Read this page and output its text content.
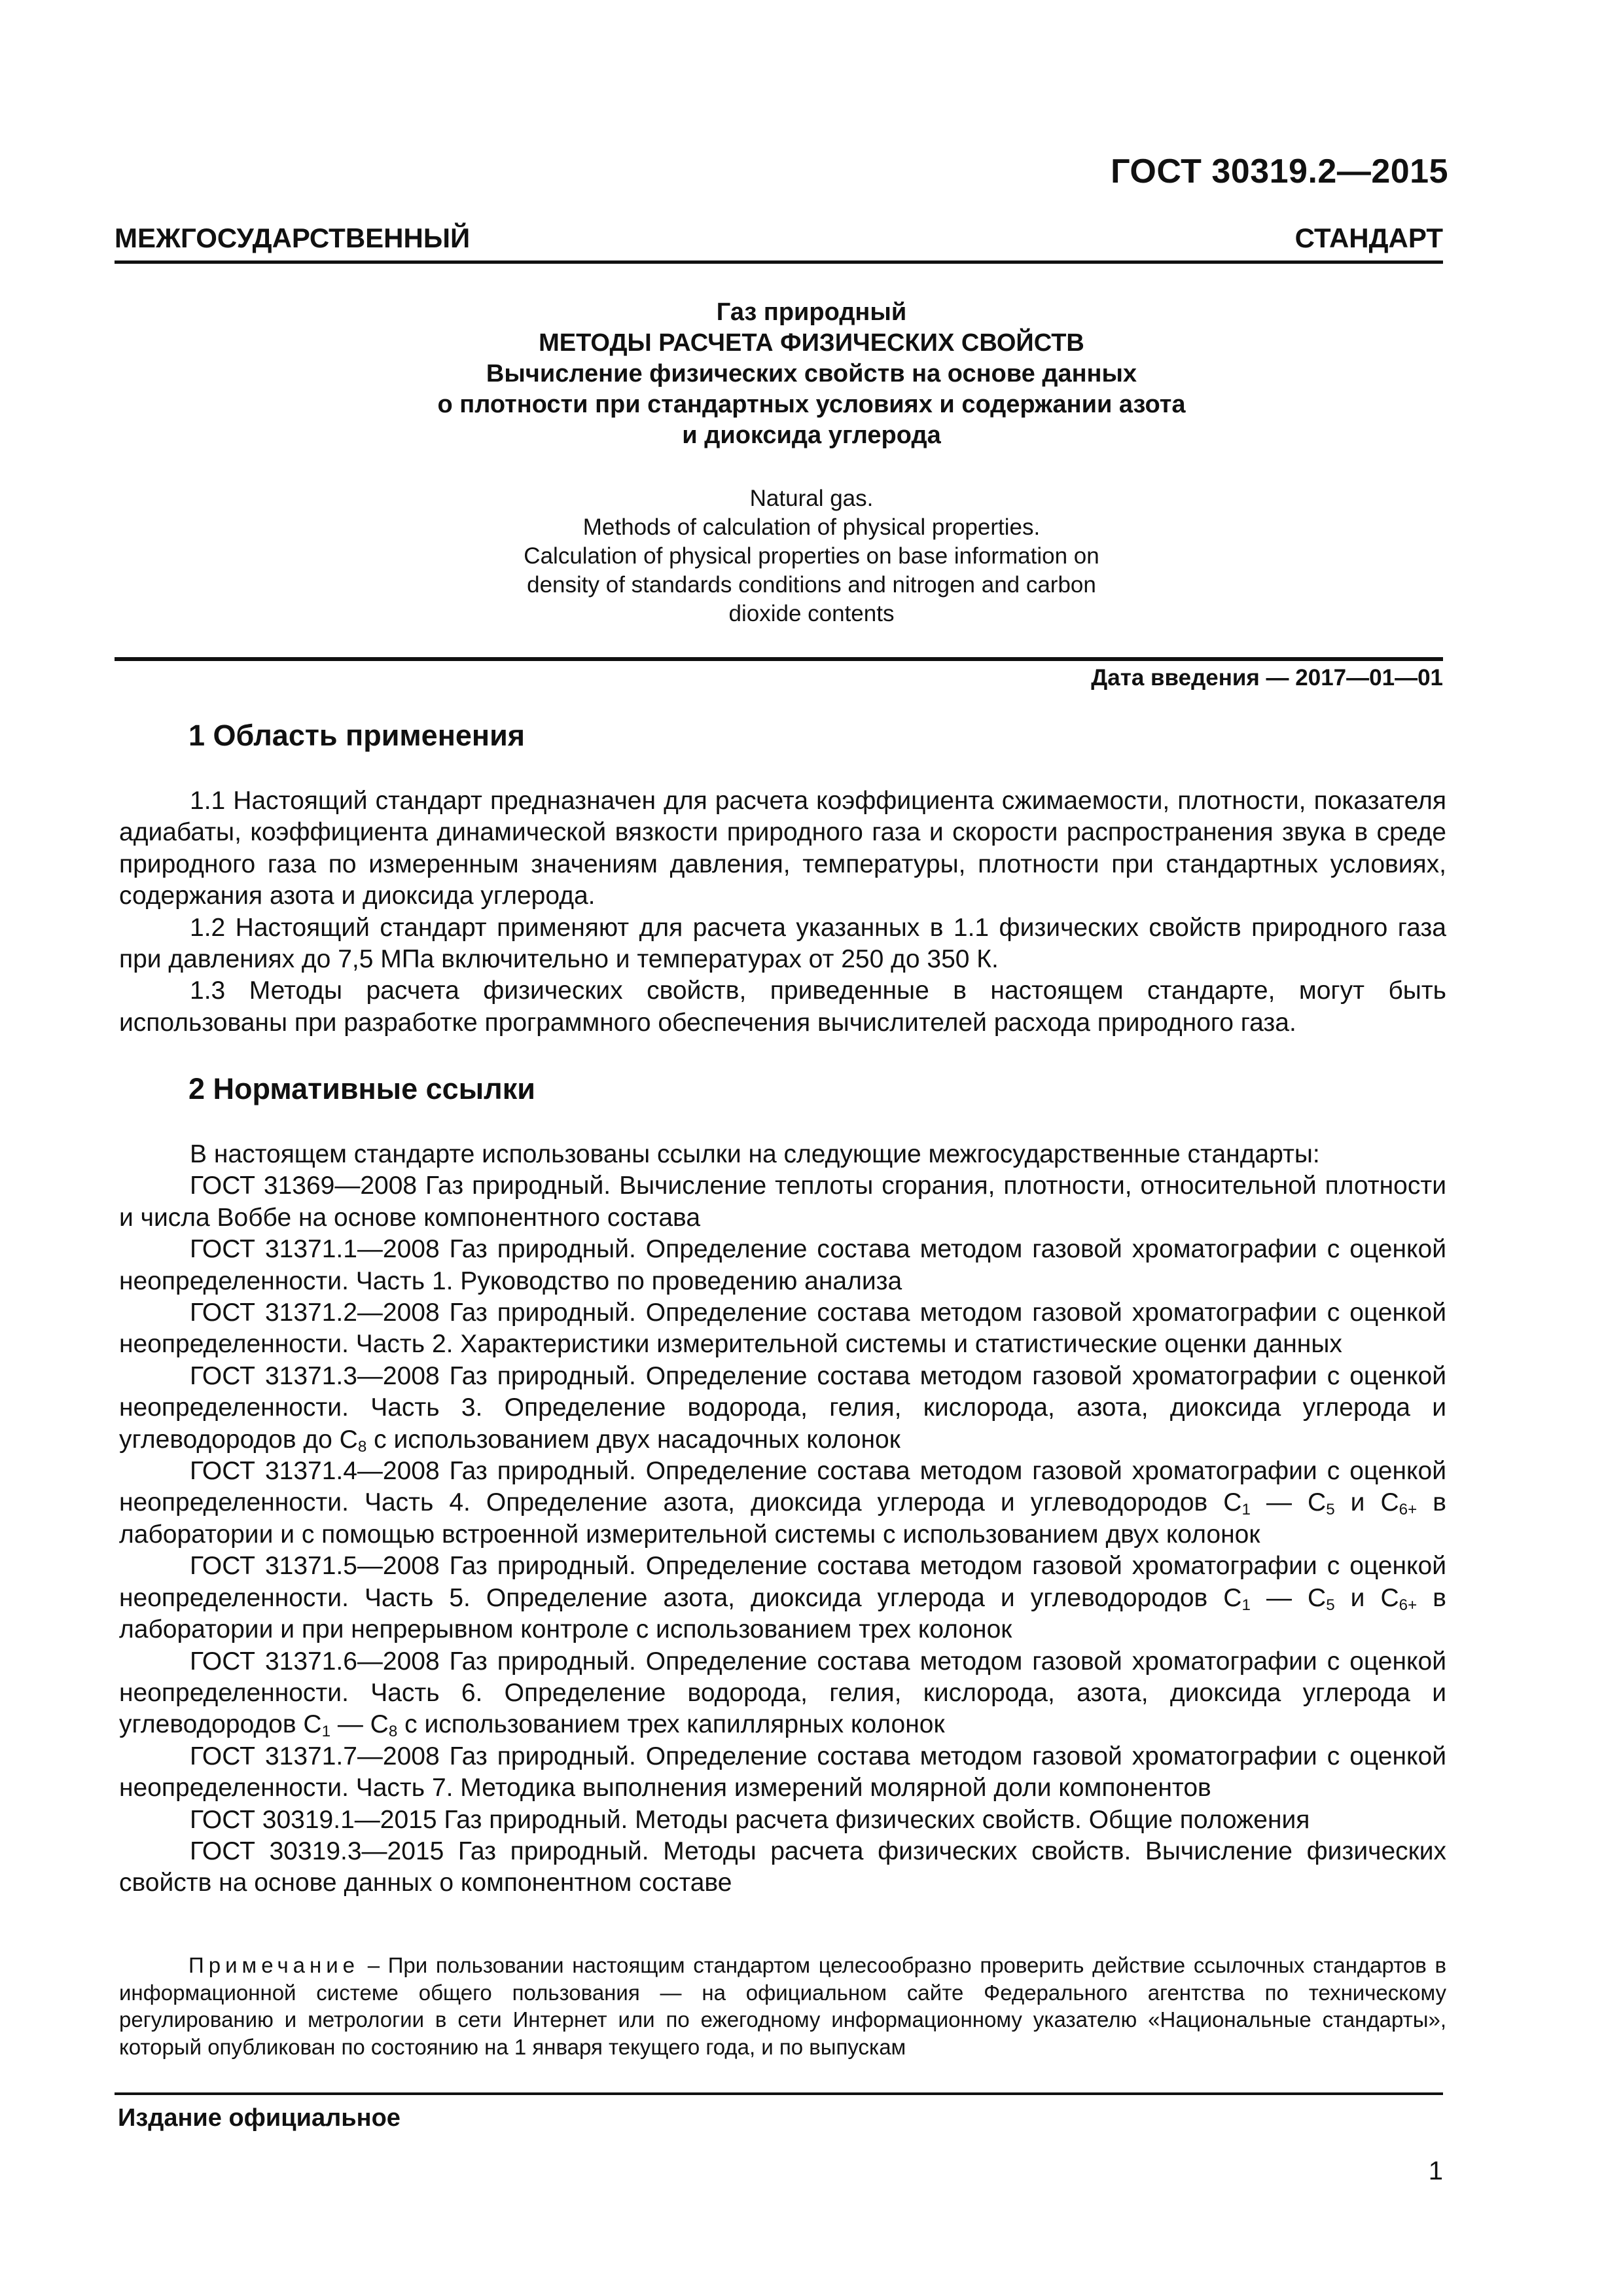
ГОСТ 30319.2—2015
МЕЖГОСУДАРСТВЕННЫЙ	СТАНДАРТ
Газ природный
МЕТОДЫ РАСЧЕТА ФИЗИЧЕСКИХ СВОЙСТВ
Вычисление физических свойств на основе данных
о плотности при стандартных условиях и содержании азота
и диоксида углерода
Natural gas.
Methods of calculation of physical properties.
Calculation of physical properties on base information on
density of standards conditions and nitrogen and carbon
dioxide contents
Дата введения — 2017—01—01
1 Область применения

1.1 Настоящий стандарт предназначен для расчета коэффициента сжимаемости, плотности, показателя адиабаты, коэффициента динамической вязкости природного газа и скорости распространения звука в среде природного газа по измеренным значениям давления, температуры, плотности при стандартных условиях, содержания азота и диоксида углерода.

1.2 Настоящий стандарт применяют для расчета указанных в 1.1 физических свойств природного газа при давлениях до 7,5 МПа включительно и температурах от 250 до 350 К.

1.3 Методы расчета физических свойств, приведенные в настоящем стандарте, могут быть использованы при разработке программного обеспечения вычислителей расхода природного газа.

2 Нормативные ссылки

В настоящем стандарте использованы ссылки на следующие межгосударственные стандарты:

ГОСТ 31369—2008 Газ природный. Вычисление теплоты сгорания, плотности, относительной плотности и числа Воббе на основе компонентного состава

ГОСТ 31371.1—2008 Газ природный. Определение состава методом газовой хроматографии с оценкой неопределенности. Часть 1. Руководство по проведению анализа

ГОСТ 31371.2—2008 Газ природный. Определение состава методом газовой хроматографии с оценкой неопределенности. Часть 2. Характеристики измерительной системы и статистические оценки данных

ГОСТ 31371.3—2008 Газ природный. Определение состава методом газовой хроматографии с оценкой неопределенности. Часть 3. Определение водорода, гелия, кислорода, азота, диоксида углерода и углеводородов до $C_8$ с использованием двух насадочных колонок

ГОСТ 31371.4—2008 Газ природный. Определение состава методом газовой хроматографии с оценкой неопределенности. Часть 4. Определение азота, диоксида углерода и углеводородов $C_1$ — $C_5$ и $C_{6+}$ в лаборатории и с помощью встроенной измерительной системы с использованием двух колонок

ГОСТ 31371.5—2008 Газ природный. Определение состава методом газовой хроматографии с оценкой неопределенности. Часть 5. Определение азота, диоксида углерода и углеводородов $C_1$ — $C_5$ и $C_{6+}$ в лаборатории и при непрерывном контроле с использованием трех колонок

ГОСТ 31371.6—2008 Газ природный. Определение состава методом газовой хроматографии с оценкой неопределенности. Часть 6. Определение водорода, гелия, кислорода, азота, диоксида углерода и углеводородов $C_1$ — $C_8$ с использованием трех капиллярных колонок

ГОСТ 31371.7—2008 Газ природный. Определение состава методом газовой хроматографии с оценкой неопределенности. Часть 7. Методика выполнения измерений молярной доли компонентов

ГОСТ 30319.1—2015 Газ природный. Методы расчета физических свойств. Общие положения

ГОСТ 30319.3—2015 Газ природный. Методы расчета физических свойств. Вычисление физических свойств на основе данных о компонентном составе

Примечание – При пользовании настоящим стандартом целесообразно проверить действие ссылочных стандартов в информационной системе общего пользования — на официальном сайте Федерального агентства по техническому регулированию и метрологии в сети Интернет или по ежегодному информационному указателю «Национальные стандарты», который опубликован по состоянию на 1 января текущего года, и по выпускам
Издание официальное
1
